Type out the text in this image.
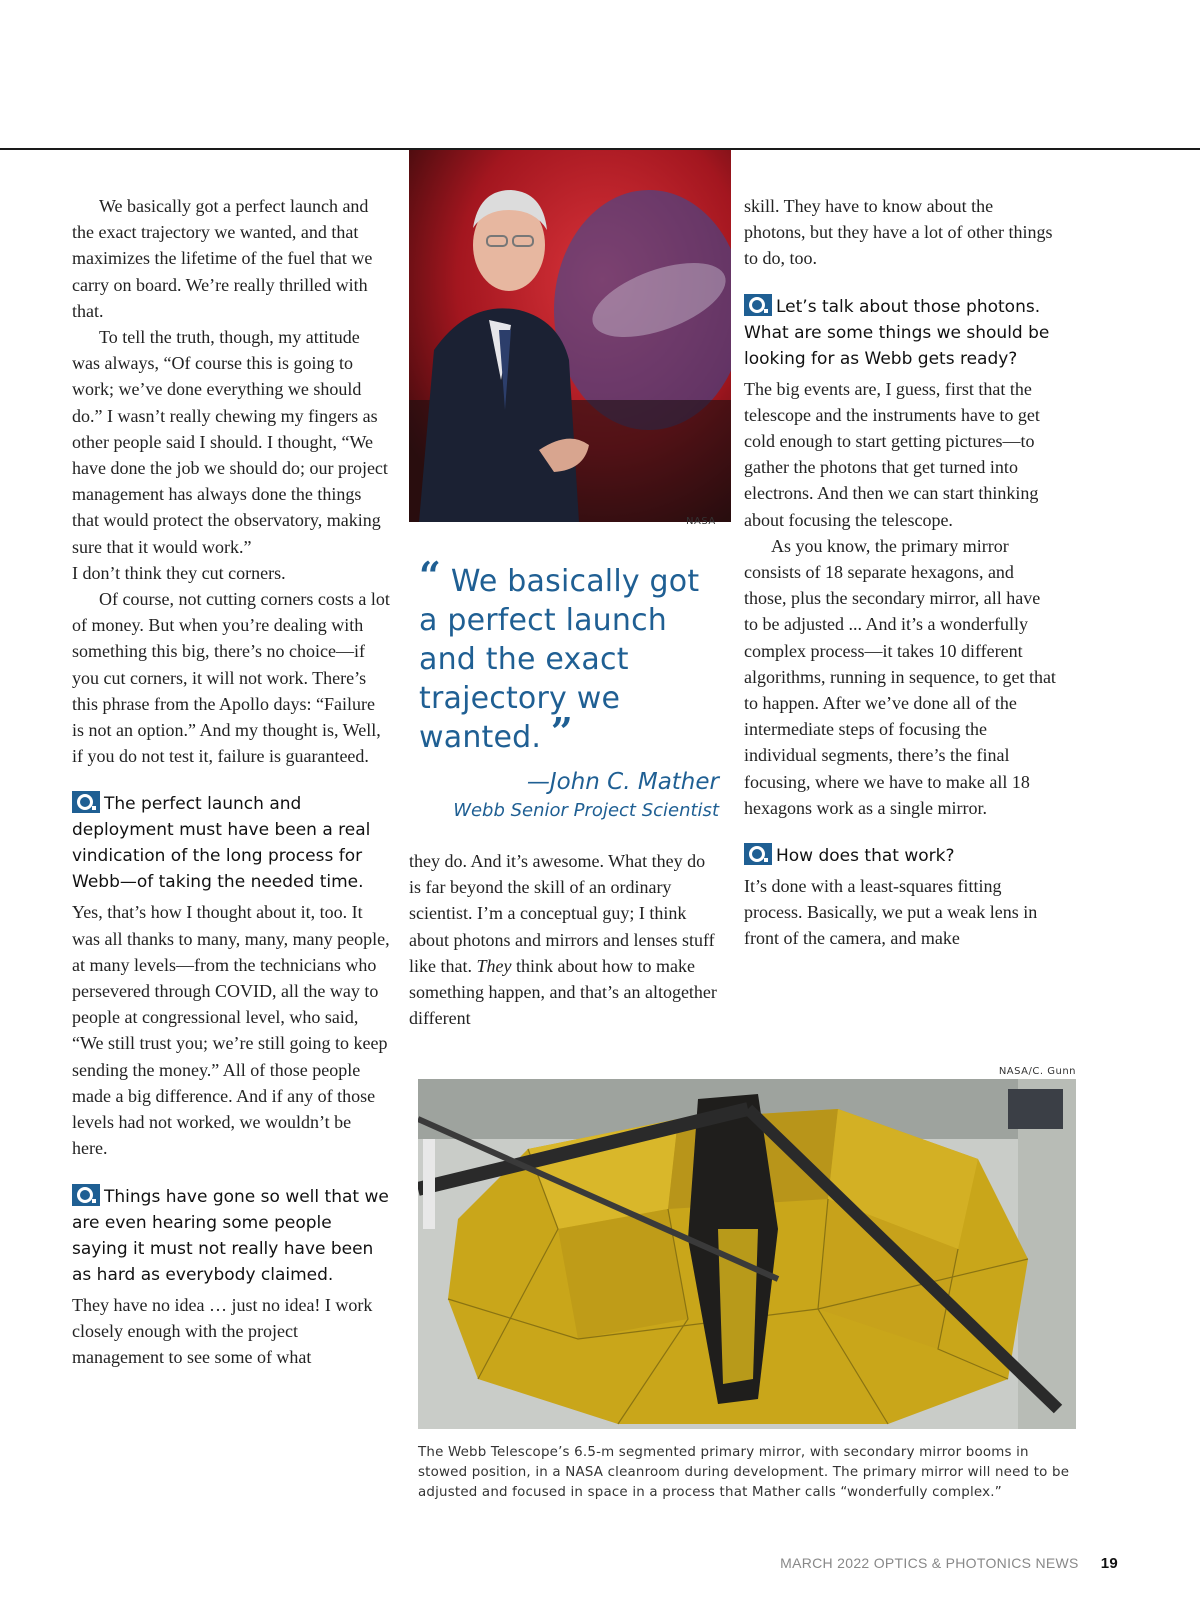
We basically got a perfect launch and the exact trajectory we wanted, and that maximizes the lifetime of the fuel that we carry on board. We’re really thrilled with that.

To tell the truth, though, my attitude was always, “Of course this is going to work; we’ve done everything we should do.” I wasn’t really chewing my fingers as other people said I should. I thought, “We have done the job we should do; our project management has always done the things that would protect the observatory, making sure that it would work.”

I don’t think they cut corners.

Of course, not cutting corners costs a lot of money. But when you’re dealing with something this big, there’s no choice—if you cut corners, it will not work. There’s this phrase from the Apollo days: “Failure is not an option.” And my thought is, Well, if you do not test it, failure is guaranteed.

The perfect launch and deployment must have been a real vindication of the long process for Webb—of taking the needed time.

Yes, that’s how I thought about it, too. It was all thanks to many, many, many people, at many levels—from the technicians who persevered through COVID, all the way to people at congressional level, who said, “We still trust you; we’re still going to keep sending the money.” All of those people made a big difference. And if any of those levels had not worked, we wouldn’t be here.

Things have gone so well that we are even hearing some people saying it must not really have been as hard as everybody claimed.

They have no idea … just no idea! I work closely enough with the project management to see some of what

NASA

“ We basically got a perfect launch and the exact trajectory we wanted. ”

—John C. Mather
Webb Senior Project Scientist

they do. And it’s awesome. What they do is far beyond the skill of an ordinary scientist. I’m a conceptual guy; I think about photons and mirrors and lenses stuff like that. They think about how to make something happen, and that’s an altogether different

skill. They have to know about the photons, but they have a lot of other things to do, too.

Let’s talk about those photons. What are some things we should be looking for as Webb gets ready?

The big events are, I guess, first that the telescope and the instruments have to get cold enough to start getting pictures—to gather the photons that get turned into electrons. And then we can start thinking about focusing the telescope.

As you know, the primary mirror consists of 18 separate hexagons, and those, plus the secondary mirror, all have to be adjusted ... And it’s a wonderfully complex process—it takes 10 different algorithms, running in sequence, to get that to happen. After we’ve done all of the intermediate steps of focusing the individual segments, there’s the final focusing, where we have to make all 18 hexagons work as a single mirror.

How does that work?

It’s done with a least-squares fitting process. Basically, we put a weak lens in front of the camera, and make

NASA/C. Gunn
The Webb Telescope’s 6.5-m segmented primary mirror, with secondary mirror booms in stowed position, in a NASA cleanroom during development. The primary mirror will need to be adjusted and focused in space in a process that Mather calls “wonderfully complex.”
MARCH 2022 OPTICS & PHOTONICS NEWS 19
